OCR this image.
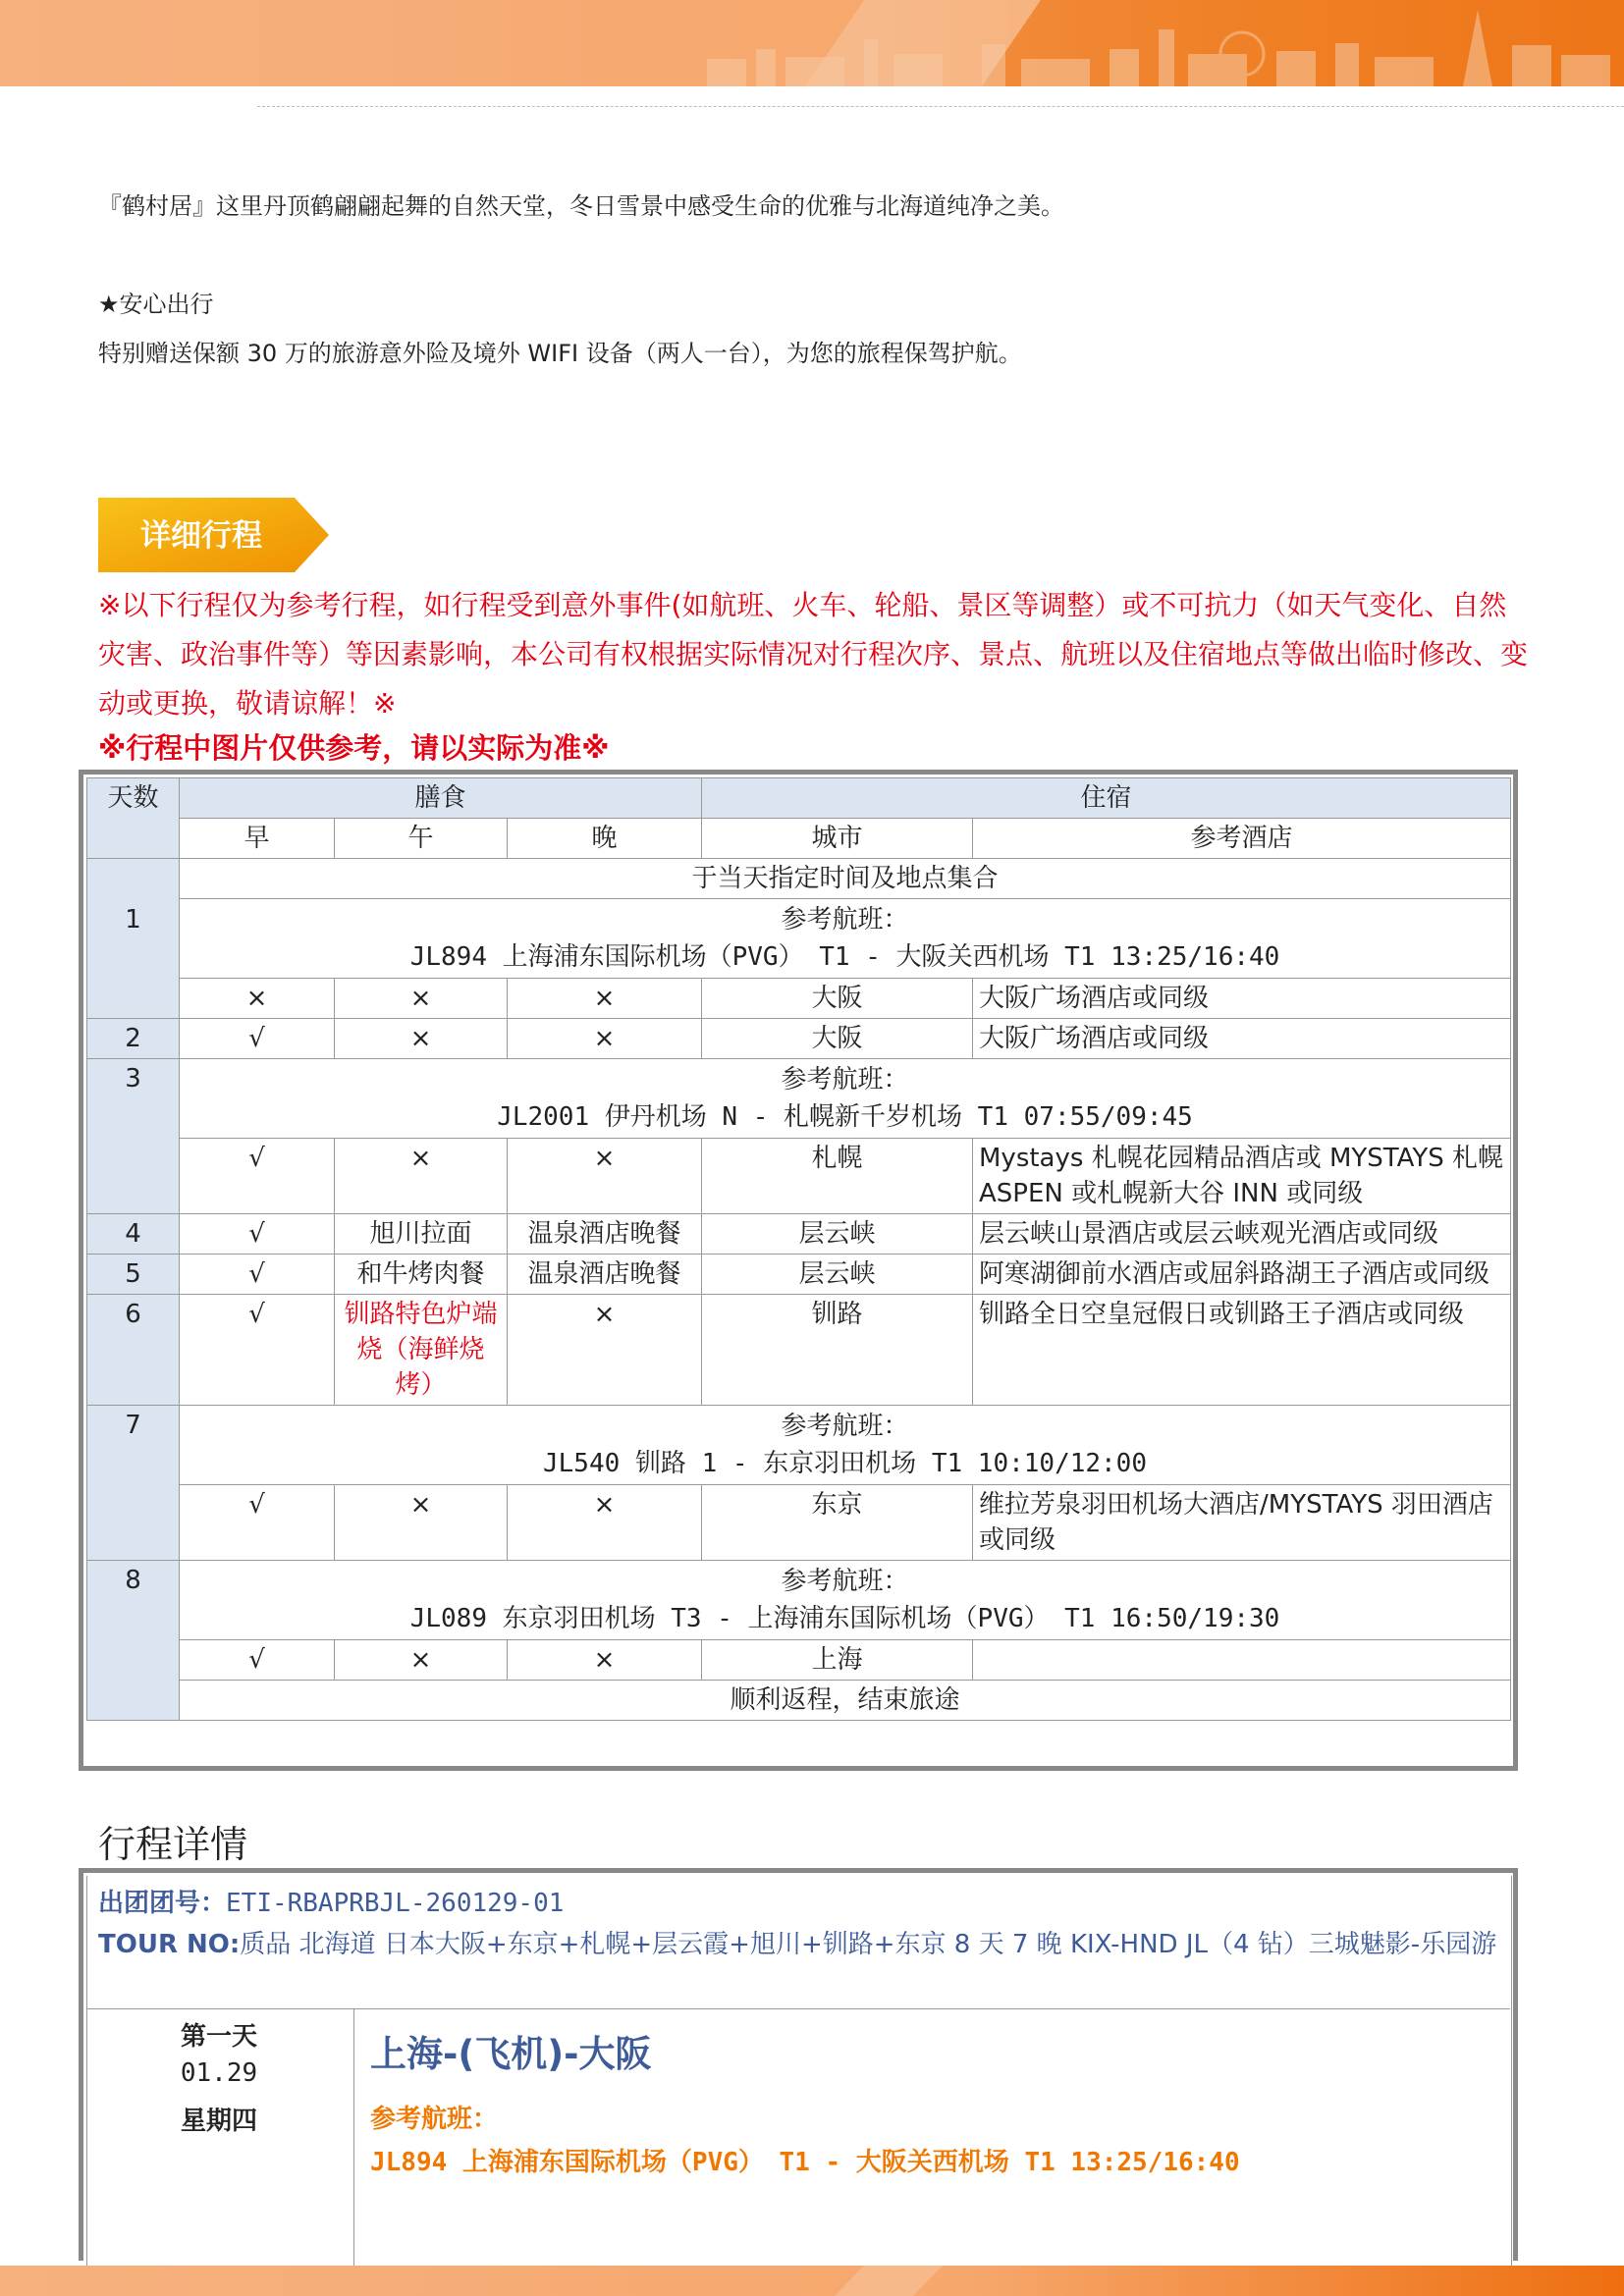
『鹤村居』这里丹顶鹤翩翩起舞的自然天堂，冬日雪景中感受生命的优雅与北海道纯净之美。
★安心出行
特别赠送保额 30 万的旅游意外险及境外 WIFI 设备（两人一台），为您的旅程保驾护航。
详细行程
※以下行程仅为参考行程，如行程受到意外事件(如航班、火车、轮船、景区等调整）或不可抗力（如天气变化、自然灾害、政治事件等）等因素影响，本公司有权根据实际情况对行程次序、景点、航班以及住宿地点等做出临时修改、变动或更换，敬请谅解！※
※行程中图片仅供参考，请以实际为准※
天数	膳食			住宿	
	早	午	晚	城市	参考酒店
1	于当天指定时间及地点集合				

	参考航班：
JL894 上海浦东国际机场（PVG） T1 - 大阪关西机场 T1 13:25/16:40				

	×	×	×	大阪	大阪广场酒店或同级
2	√	×	×	大阪	大阪广场酒店或同级
3	参考航班：
JL2001 伊丹机场 N - 札幌新千岁机场 T1 07:55/09:45				

	√	×	×	札幌	Mystays 札幌花园精品酒店或 MYSTAYS 札幌 ASPEN 或札幌新大谷 INN 或同级
4	√	旭川拉面	温泉酒店晚餐	层云峡	层云峡山景酒店或层云峡观光酒店或同级
5	√	和牛烤肉餐	温泉酒店晚餐	层云峡	阿寒湖御前水酒店或屈斜路湖王子酒店或同级
6	√	钏路特色炉端烧（海鲜烧烤）	×	钏路	钏路全日空皇冠假日或钏路王子酒店或同级
7	参考航班：
JL540 钏路 1 - 东京羽田机场 T1 10:10/12:00				

	√	×	×	东京	维拉芳泉羽田机场大酒店/MYSTAYS 羽田酒店或同级
8	参考航班：
JL089 东京羽田机场 T3 - 上海浦东国际机场（PVG） T1 16:50/19:30				

	√	×	×	上海	
	顺利返程，结束旅途				
行程详情
出团团号：ETI-RBAPRBJL-260129-01
TOUR NO:质品 北海道 日本大阪+东京+札幌+层云霞+旭川+钏路+东京 8 天 7 晚 KIX-HND JL（4 钻）三城魅影-乐园游
第一天
01.29
星期四
上海-(飞机)-大阪
参考航班：
JL894 上海浦东国际机场（PVG） T1 - 大阪关西机场 T1 13:25/16:40
